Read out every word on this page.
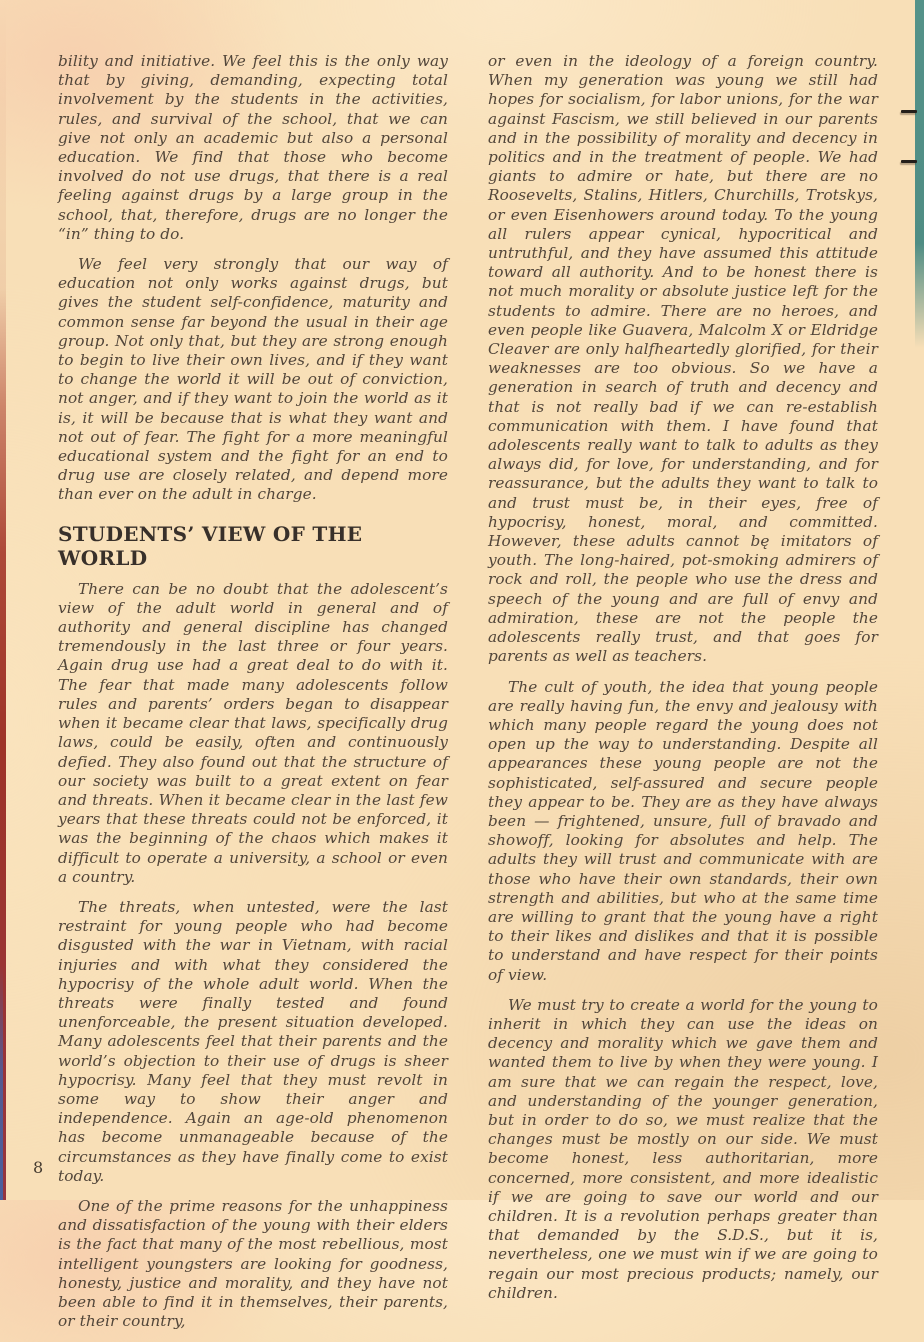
bility and initiative. We feel this is the only way that by giving, demanding, expecting total involvement by the students in the activities, rules, and survival of the school, that we can give not only an academic but also a personal education. We find that those who become involved do not use drugs, that there is a real feeling against drugs by a large group in the school, that, therefore, drugs are no longer the “in” thing to do.

We feel very strongly that our way of education not only works against drugs, but gives the student self-confidence, maturity and common sense far beyond the usual in their age group. Not only that, but they are strong enough to begin to live their own lives, and if they want to change the world it will be out of conviction, not anger, and if they want to join the world as it is, it will be because that is what they want and not out of fear. The fight for a more meaningful educational system and the fight for an end to drug use are closely related, and depend more than ever on the adult in charge.

STUDENTS’ VIEW OF THE WORLD

There can be no doubt that the adolescent’s view of the adult world in general and of authority and general discipline has changed tremendously in the last three or four years. Again drug use had a great deal to do with it. The fear that made many adolescents follow rules and parents’ orders began to disappear when it became clear that laws, specifically drug laws, could be easily, often and continuously defied. They also found out that the structure of our society was built to a great extent on fear and threats. When it became clear in the last few years that these threats could not be enforced, it was the beginning of the chaos which makes it difficult to operate a university, a school or even a country.

The threats, when untested, were the last restraint for young people who had become disgusted with the war in Vietnam, with racial injuries and with what they considered the hypocrisy of the whole adult world. When the threats were finally tested and found unenforceable, the present situation developed. Many adolescents feel that their parents and the world’s objection to their use of drugs is sheer hypocrisy. Many feel that they must revolt in some way to show their anger and independence. Again an age-old phenomenon has become unmanageable because of the circumstances as they have finally come to exist today.

One of the prime reasons for the unhappiness and dissatisfaction of the young with their elders is the fact that many of the most rebellious, most intelligent youngsters are looking for goodness, honesty, justice and morality, and they have not been able to find it in themselves, their parents, or their country,

or even in the ideology of a foreign country. When my generation was young we still had hopes for socialism, for labor unions, for the war against Fascism, we still believed in our parents and in the possibility of morality and decency in politics and in the treatment of people. We had giants to admire or hate, but there are no Roosevelts, Stalins, Hitlers, Churchills, Trotskys, or even Eisenhowers around today. To the young all rulers appear cynical, hypocritical and untruthful, and they have assumed this attitude toward all authority. And to be honest there is not much morality or absolute justice left for the students to admire. There are no heroes, and even people like Guavera, Malcolm X or Eldridge Cleaver are only halfheartedly glorified, for their weaknesses are too obvious. So we have a generation in search of truth and decency and that is not really bad if we can re-establish communication with them. I have found that adolescents really want to talk to adults as they always did, for love, for understanding, and for reassurance, but the adults they want to talk to and trust must be, in their eyes, free of hypocrisy, honest, moral, and committed. However, these adults cannot bę imitators of youth. The long-haired, pot-smoking admirers of rock and roll, the people who use the dress and speech of the young and are full of envy and admiration, these are not the people the adolescents really trust, and that goes for parents as well as teachers.

The cult of youth, the idea that young people are really having fun, the envy and jealousy with which many people regard the young does not open up the way to understanding. Despite all appearances these young people are not the sophisticated, self-assured and secure people they appear to be. They are as they have always been — frightened, unsure, full of bravado and showoff, looking for absolutes and help. The adults they will trust and communicate with are those who have their own standards, their own strength and abilities, but who at the same time are willing to grant that the young have a right to their likes and dislikes and that it is possible to understand and have respect for their points of view.

We must try to create a world for the young to inherit in which they can use the ideas on decency and morality which we gave them and wanted them to live by when they were young. I am sure that we can regain the respect, love, and understanding of the younger generation, but in order to do so, we must realize that the changes must be mostly on our side. We must become honest, less authoritarian, more concerned, more consistent, and more idealistic if we are going to save our world and our children. It is a revolution perhaps greater than that demanded by the S.D.S., but it is, nevertheless, one we must win if we are going to regain our most precious products; namely, our children.

8
